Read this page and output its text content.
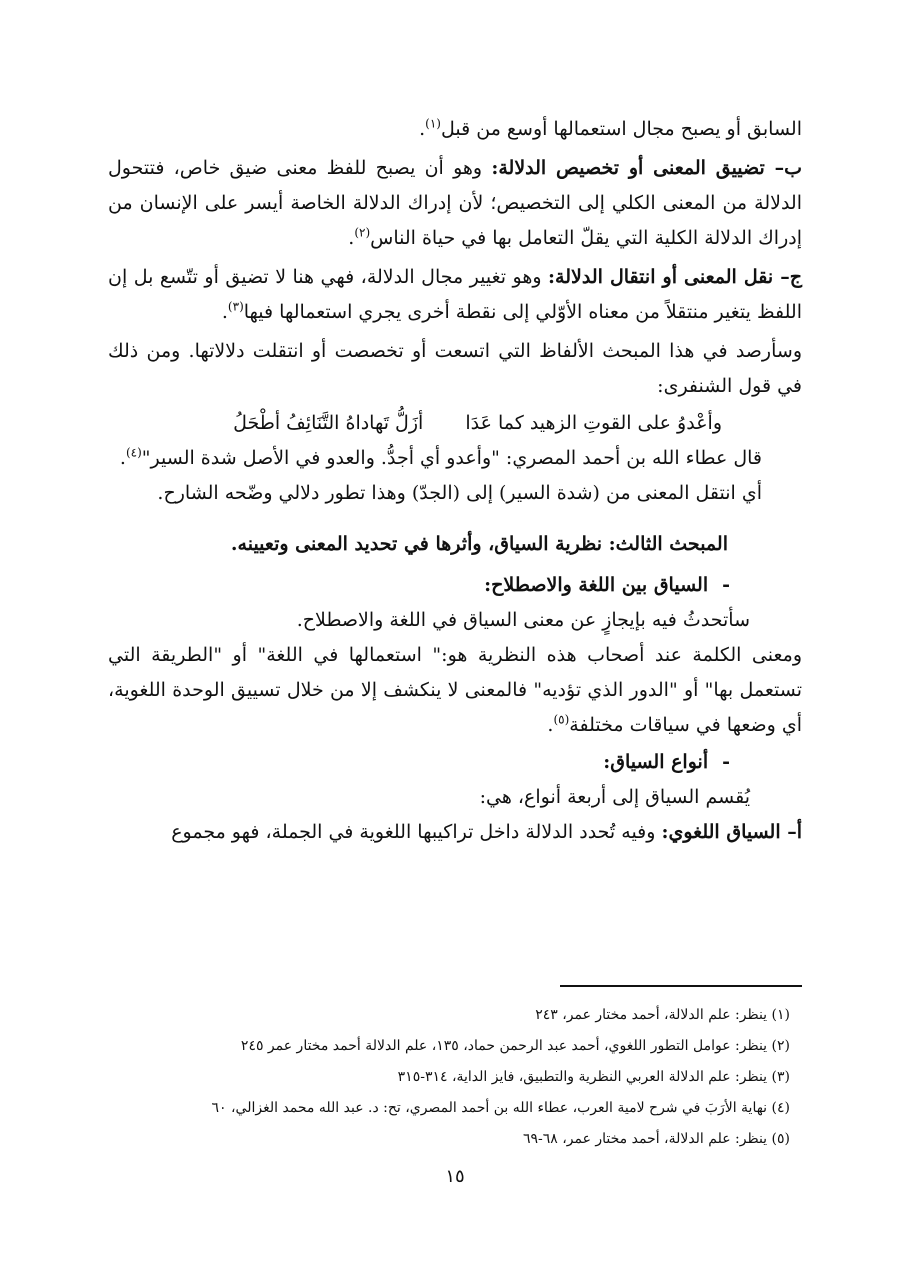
السابق أو يصبح مجال استعمالها أوسع من قبل$^{(١)}$.

ب– تضييق المعنى أو تخصيص الدلالة: وهو أن يصبح للفظ معنى ضيق خاص، فتتحول الدلالة من المعنى الكلي إلى التخصيص؛ لأن إدراك الدلالة الخاصة أيسر على الإنسان من إدراك الدلالة الكلية التي يقلّ التعامل بها في حياة الناس$^{(٢)}$.

ج– نقل المعنى أو انتقال الدلالة: وهو تغيير مجال الدلالة، فهي هنا لا تضيق أو تتّسع بل إن اللفظ يتغير منتقلاً من معناه الأوّلي إلى نقطة أخرى يجري استعمالها فيها$^{(٣)}$.

وسأرصد في هذا المبحث الألفاظ التي اتسعت أو تخصصت أو انتقلت دلالاتها. ومن ذلك في قول الشنفرى:

وأعْدوُ على القوتِ الزهيد كما عَدَا
أزَلُّ تَهاداهُ التَّنَائِفُ أطْحَلُ

قال عطاء الله بن أحمد المصري: "وأعدو أي أجدُّ. والعدو في الأصل شدة السير"$^{(٤)}$.

أي انتقل المعنى من (شدة السير) إلى (الجدّ) وهذا تطور دلالي وضّحه الشارح.

المبحث الثالث: نظرية السياق، وأثرها في تحديد المعنى وتعيينه.

-السياق بين اللغة والاصطلاح:

سأتحدثُ فيه بإيجازٍ عن معنى السياق في اللغة والاصطلاح.

ومعنى الكلمة عند أصحاب هذه النظرية هو:" استعمالها في اللغة" أو "الطريقة التي تستعمل بها" أو "الدور الذي تؤديه" فالمعنى لا ينكشف إلا من خلال تسييق الوحدة اللغوية، أي وضعها في سياقات مختلفة$^{(٥)}$.

-أنواع السياق:

يُقسم السياق إلى أربعة أنواع، هي:

أ– السياق اللغوي: وفيه تُحدد الدلالة داخل تراكيبها اللغوية في الجملة، فهو مجموع

(١) ينظر: علم الدلالة، أحمد مختار عمر، ٢٤٣

(٢) ينظر: عوامل التطور اللغوي، أحمد عبد الرحمن حماد، ١٣٥، علم الدلالة أحمد مختار عمر ٢٤٥

(٣) ينظر: علم الدلالة العربي النظرية والتطبيق، فايز الداية، ٣١٤-٣١٥

(٤) نهاية الأرَبَ في شرح لامية العرب، عطاء الله بن أحمد المصري، تح: د. عبد الله محمد الغزالي، ٦٠

(٥) ينظر: علم الدلالة، أحمد مختار عمر، ٦٨-٦٩

١٥
